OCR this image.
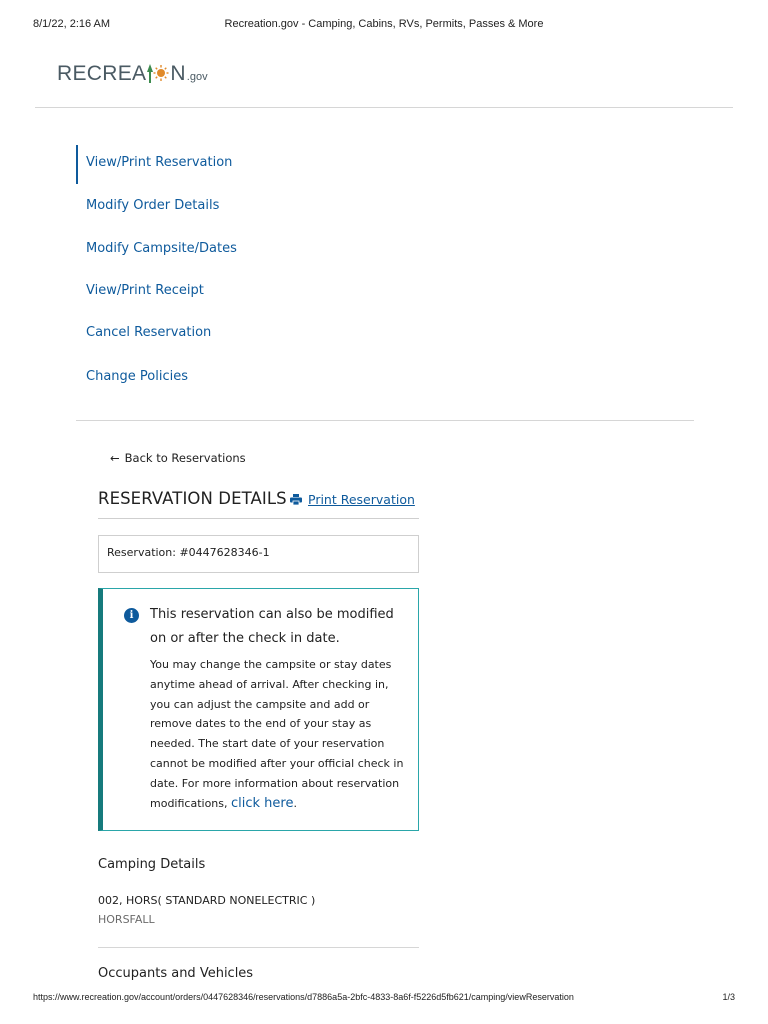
8/1/22, 2:16 AM	Recreation.gov - Camping, Cabins, RVs, Permits, Passes & More
RECREA N .gov
View/Print Reservation
Modify Order Details
Modify Campsite/Dates
View/Print Receipt
Cancel Reservation
Change Policies
← Back to Reservations
RESERVATION DETAILS Print Reservation
Reservation: #0447628346-1
i	This reservation can also be modified on or after the check in date.
You may change the campsite or stay dates anytime ahead of arrival. After checking in, you can adjust the campsite and add or remove dates to the end of your stay as needed. The start date of your reservation cannot be modified after your official check in date. For more information about reservation modifications, click here.
Camping Details
002, HORS( STANDARD NONELECTRIC )
HORSFALL
Occupants and Vehicles
https://www.recreation.gov/account/orders/0447628346/reservations/d7886a5a-2bfc-4833-8a6f-f5226d5fb621/camping/viewReservation	1/3
